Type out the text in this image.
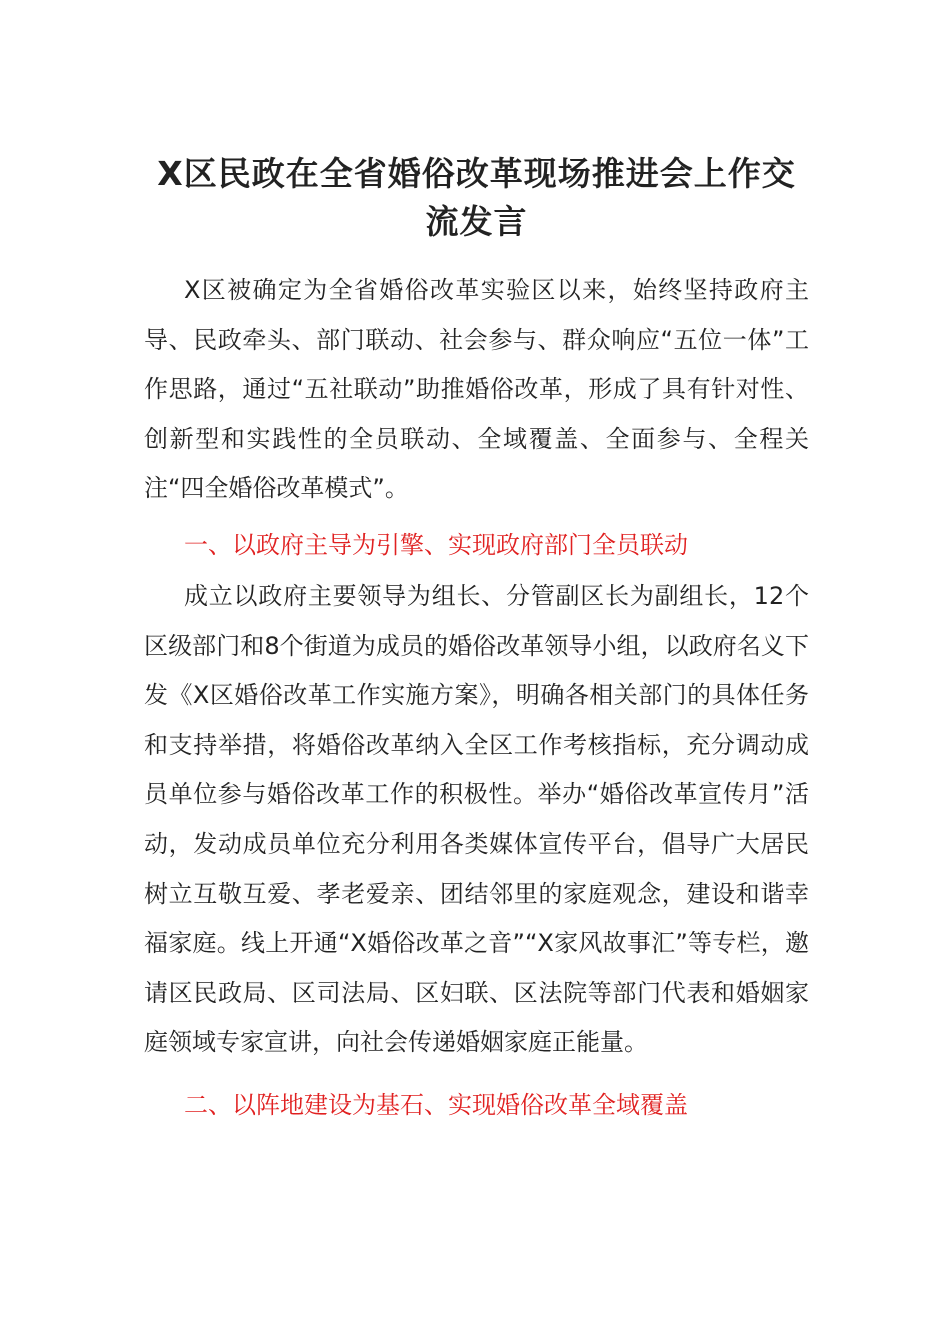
X区民政在全省婚俗改革现场推进会上作交流发言

X区被确定为全省婚俗改革实验区以来，始终坚持政府主导、民政牵头、部门联动、社会参与、群众响应“五位一体”工作思路，通过“五社联动”助推婚俗改革，形成了具有针对性、创新型和实践性的全员联动、全域覆盖、全面参与、全程关注“四全婚俗改革模式”。

一、以政府主导为引擎、实现政府部门全员联动

成立以政府主要领导为组长、分管副区长为副组长，12个区级部门和8个街道为成员的婚俗改革领导小组，以政府名义下发《X区婚俗改革工作实施方案》，明确各相关部门的具体任务和支持举措，将婚俗改革纳入全区工作考核指标，充分调动成员单位参与婚俗改革工作的积极性。举办“婚俗改革宣传月”活动，发动成员单位充分利用各类媒体宣传平台，倡导广大居民树立互敬互爱、孝老爱亲、团结邻里的家庭观念，建设和谐幸福家庭。线上开通“X婚俗改革之音”“X家风故事汇”等专栏，邀请区民政局、区司法局、区妇联、区法院等部门代表和婚姻家庭领域专家宣讲，向社会传递婚姻家庭正能量。

二、以阵地建设为基石、实现婚俗改革全域覆盖
